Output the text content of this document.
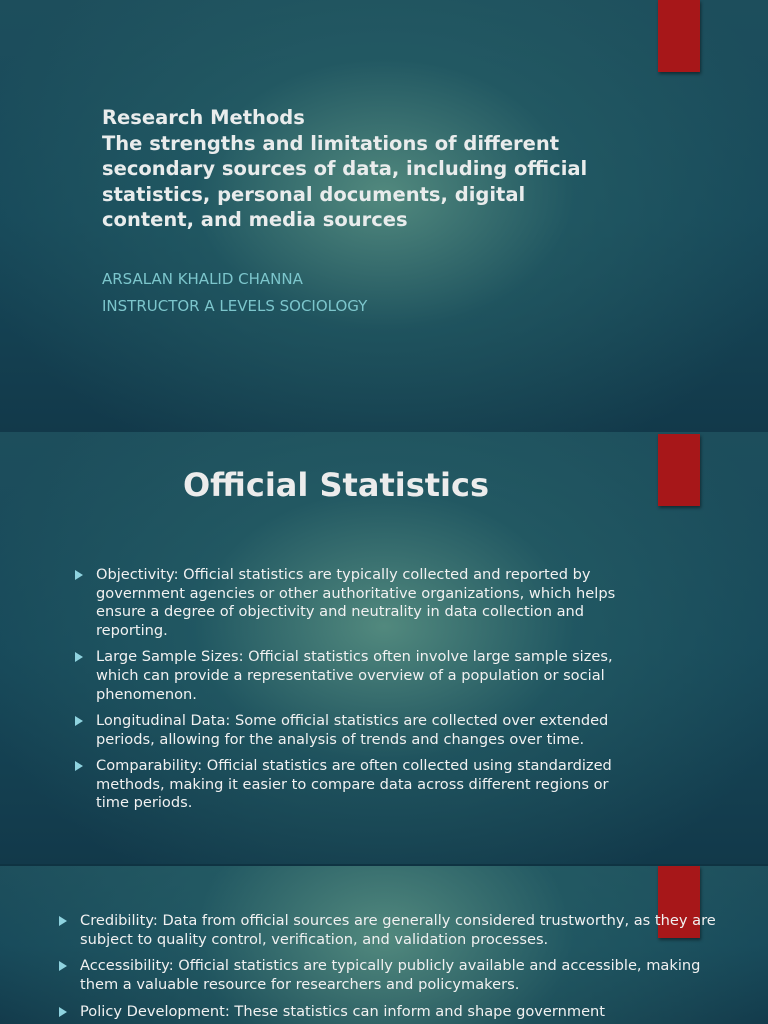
Research Methods
The strengths and limitations of different
secondary sources of data, including official
statistics, personal documents, digital
content, and media sources
ARSALAN KHALID CHANNA
INSTRUCTOR A LEVELS SOCIOLOGY
Official Statistics
Objectivity: Official statistics are typically collected and reported by government agencies or other authoritative organizations, which helps ensure a degree of objectivity and neutrality in data collection and reporting.
Large Sample Sizes: Official statistics often involve large sample sizes, which can provide a representative overview of a population or social phenomenon.
Longitudinal Data: Some official statistics are collected over extended periods, allowing for the analysis of trends and changes over time.
Comparability: Official statistics are often collected using standardized methods, making it easier to compare data across different regions or time periods.
Credibility: Data from official sources are generally considered trustworthy, as they are subject to quality control, verification, and validation processes.
Accessibility: Official statistics are typically publicly available and accessible, making them a valuable resource for researchers and policymakers.
Policy Development: These statistics can inform and shape government
